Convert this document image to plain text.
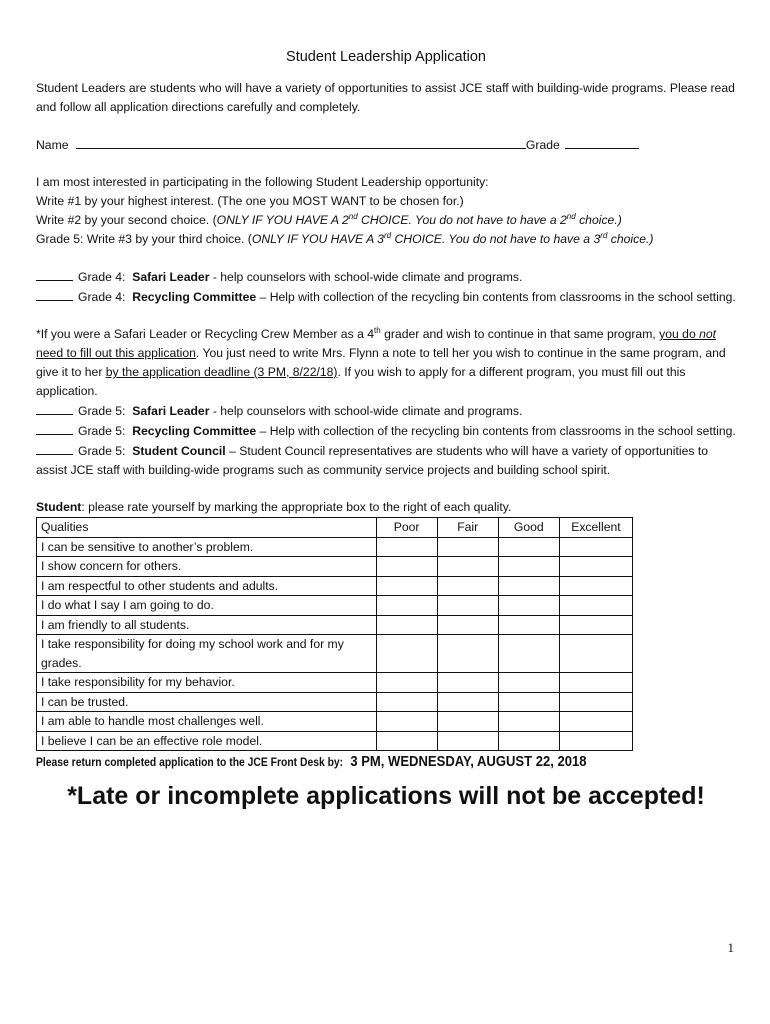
Student Leadership Application

Student Leaders are students who will have a variety of opportunities to assist JCE staff with building-wide programs. Please read and follow all application directions carefully and completely.

Name	Grade

I am most interested in participating in the following Student Leadership opportunity:

Write #1 by your highest interest. (The one you MOST WANT to be chosen for.)

Write #2 by your second choice. (ONLY IF YOU HAVE A 2nd CHOICE. You do not have to have a 2nd choice.)

Grade 5: Write #3 by your third choice. (ONLY IF YOU HAVE A 3rd CHOICE. You do not have to have a 3rd choice.)

Grade 4: Safari Leader - help counselors with school-wide climate and programs.

Grade 4: Recycling Committee – Help with collection of the recycling bin contents from classrooms in the school setting.

*If you were a Safari Leader or Recycling Crew Member as a 4th grader and wish to continue in that same program, you do not need to fill out this application. You just need to write Mrs. Flynn a note to tell her you wish to continue in the same program, and give it to her by the application deadline (3 PM, 8/22/18). If you wish to apply for a different program, you must fill out this application.

Grade 5: Safari Leader - help counselors with school-wide climate and programs.

Grade 5: Recycling Committee – Help with collection of the recycling bin contents from classrooms in the school setting.

Grade 5: Student Council – Student Council representatives are students who will have a variety of opportunities to assist JCE staff with building-wide programs such as community service projects and building school spirit.

Student: please rate yourself by marking the appropriate box to the right of each quality.

Qualities	Poor	Fair	Good	Excellent
I can be sensitive to another’s problem.				
I show concern for others.				
I am respectful to other students and adults.				
I do what I say I am going to do.				
I am friendly to all students.				
I take responsibility for doing my school work and for my grades.				
I take responsibility for my behavior.				
I can be trusted.				
I am able to handle most challenges well.				
I believe I can be an effective role model.				
Please return completed application to the JCE Front Desk by: 3 PM, WEDNESDAY, AUGUST 22, 2018
*Late or incomplete applications will not be accepted!
1
